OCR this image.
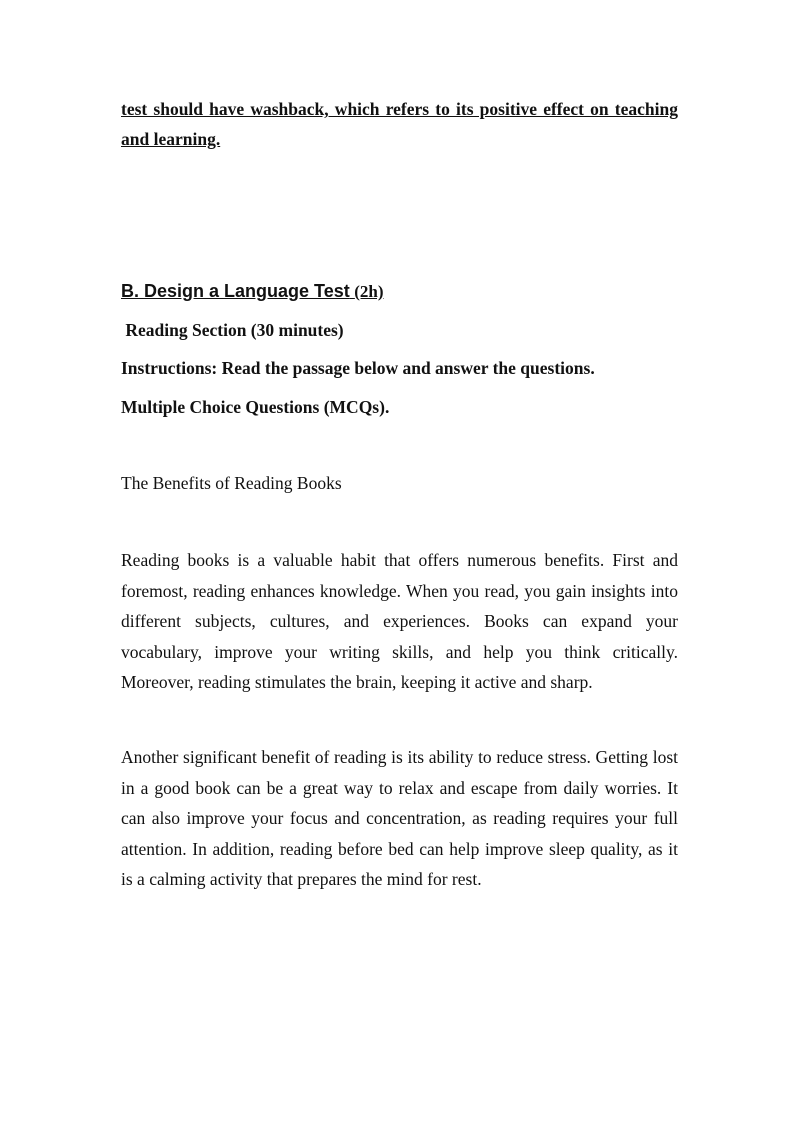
test should have washback, which refers to its positive effect on teaching and learning.

B. Design a Language Test (2h)
Reading Section (30 minutes)
Instructions: Read the passage below and answer the questions.
Multiple Choice Questions (MCQs).
The Benefits of Reading Books

Reading books is a valuable habit that offers numerous benefits. First and foremost, reading enhances knowledge. When you read, you gain insights into different subjects, cultures, and experiences. Books can expand your vocabulary, improve your writing skills, and help you think critically. Moreover, reading stimulates the brain, keeping it active and sharp.

Another significant benefit of reading is its ability to reduce stress. Getting lost in a good book can be a great way to relax and escape from daily worries. It can also improve your focus and concentration, as reading requires your full attention. In addition, reading before bed can help improve sleep quality, as it is a calming activity that prepares the mind for rest.
